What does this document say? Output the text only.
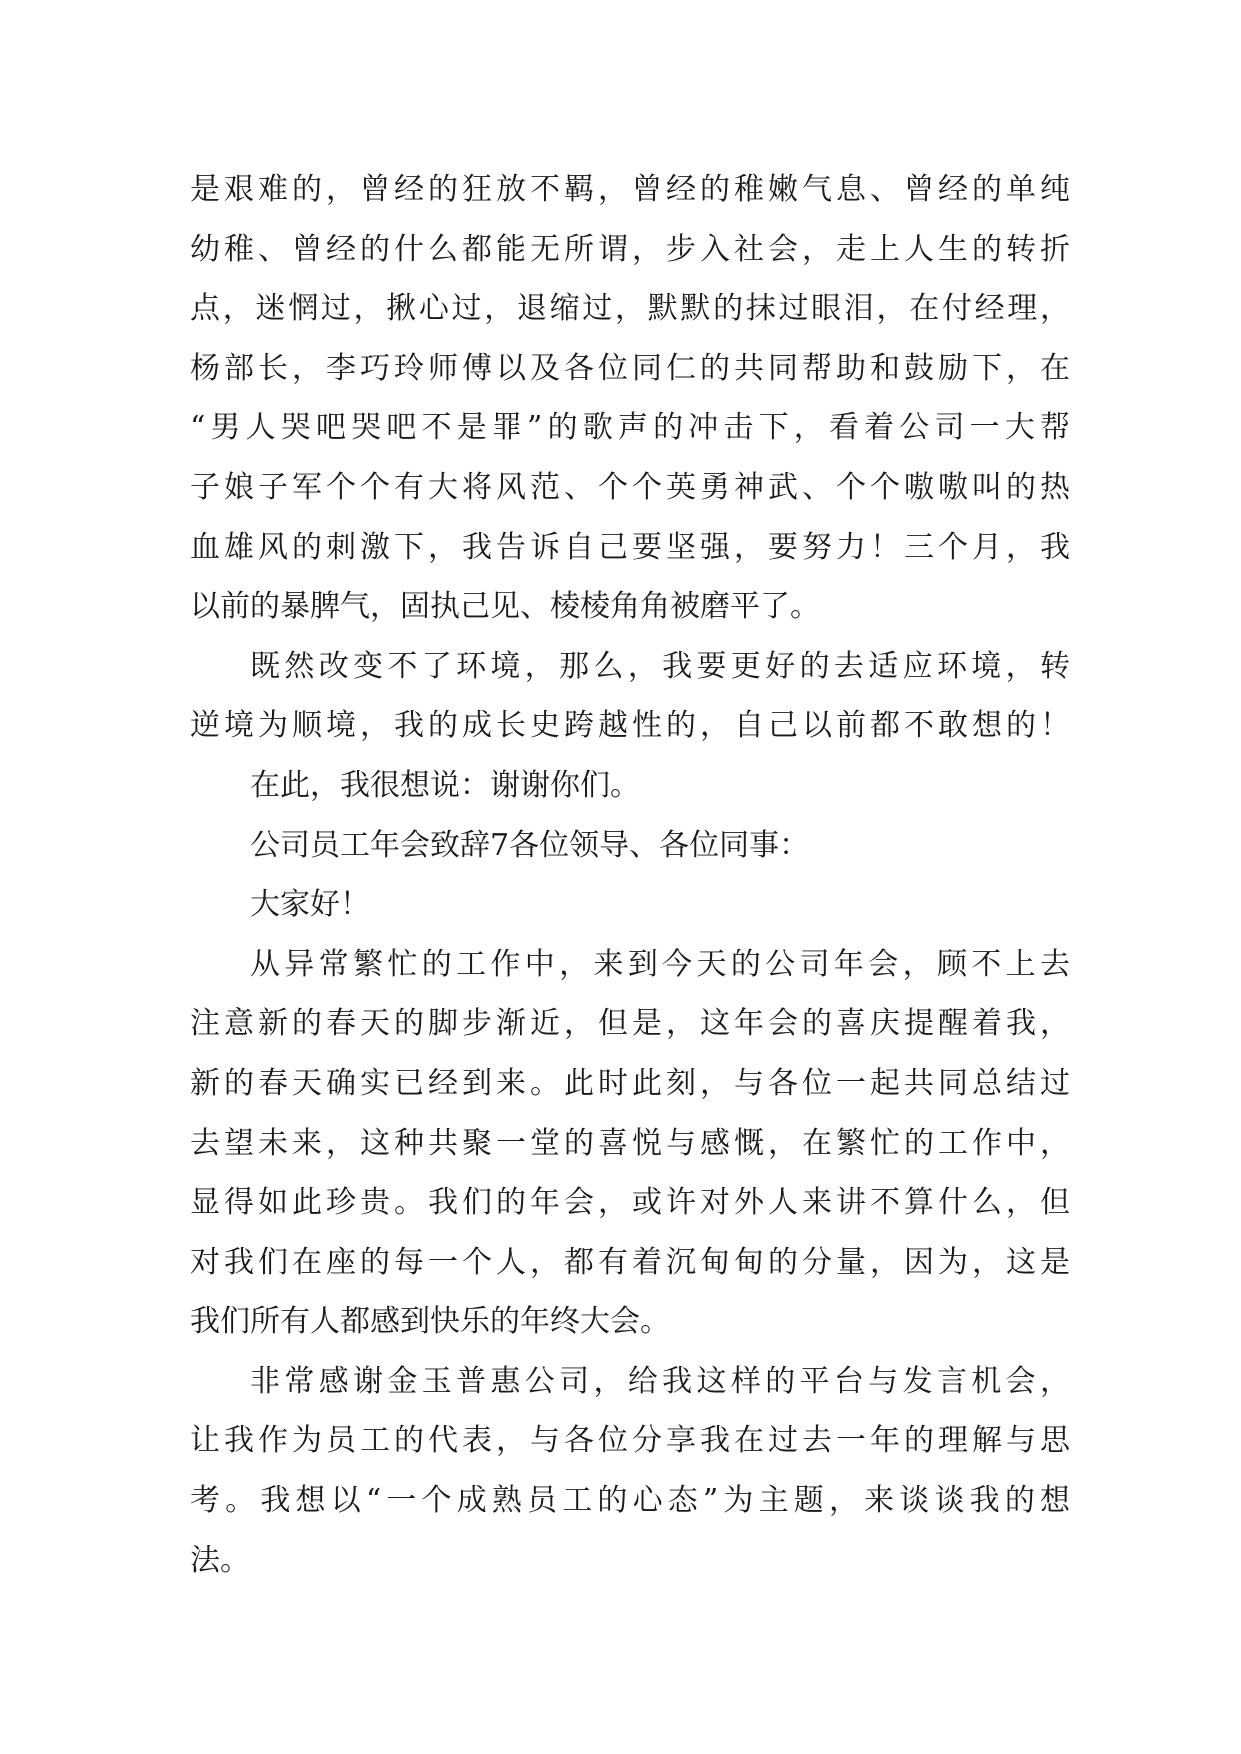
是艰难的，曾经的狂放不羁，曾经的稚嫩气息、曾经的单纯
幼稚、曾经的什么都能无所谓，步入社会，走上人生的转折
点，迷惘过，揪心过，退缩过，默默的抹过眼泪，在付经理，
杨部长，李巧玲师傅以及各位同仁的共同帮助和鼓励下，在
“男人哭吧哭吧不是罪”的歌声的冲击下，看着公司一大帮
子娘子军个个有大将风范、个个英勇神武、个个嗷嗷叫的热
血雄风的刺激下，我告诉自己要坚强，要努力！三个月，我
以前的暴脾气，固执己见、棱棱角角被磨平了。
既然改变不了环境，那么，我要更好的去适应环境，转
逆境为顺境，我的成长史跨越性的，自己以前都不敢想的！
在此，我很想说：谢谢你们。
公司员工年会致辞7各位领导、各位同事：
大家好！
从异常繁忙的工作中，来到今天的公司年会，顾不上去
注意新的春天的脚步渐近，但是，这年会的喜庆提醒着我，
新的春天确实已经到来。此时此刻，与各位一起共同总结过
去望未来，这种共聚一堂的喜悦与感慨，在繁忙的工作中，
显得如此珍贵。我们的年会，或许对外人来讲不算什么，但
对我们在座的每一个人，都有着沉甸甸的分量，因为，这是
我们所有人都感到快乐的年终大会。
非常感谢金玉普惠公司，给我这样的平台与发言机会，
让我作为员工的代表，与各位分享我在过去一年的理解与思
考。我想以“一个成熟员工的心态”为主题，来谈谈我的想
法。
